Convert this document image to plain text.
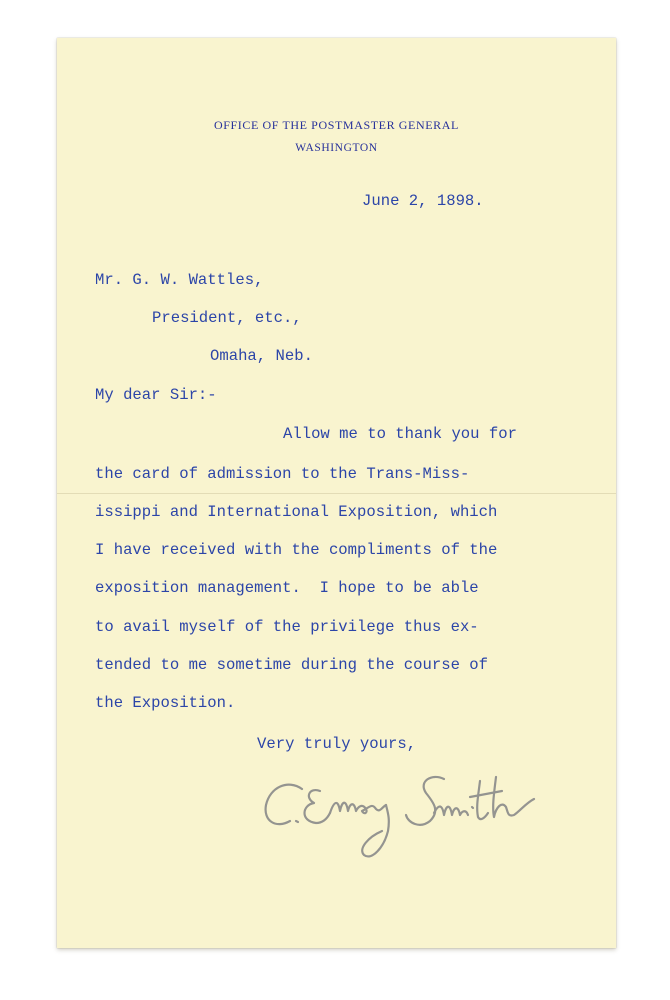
OFFICE OF THE POSTMASTER GENERAL
WASHINGTON
June 2, 1898.
Mr. G. W. Wattles,
President, etc.,
Omaha, Neb.
My dear Sir:-
Allow me to thank you for
the card of admission to the Trans-Miss-
issippi and International Exposition, which
I have received with the compliments of the
exposition management.  I hope to be able
to avail myself of the privilege thus ex-
tended to me sometime during the course of
the Exposition.
Very truly yours,
